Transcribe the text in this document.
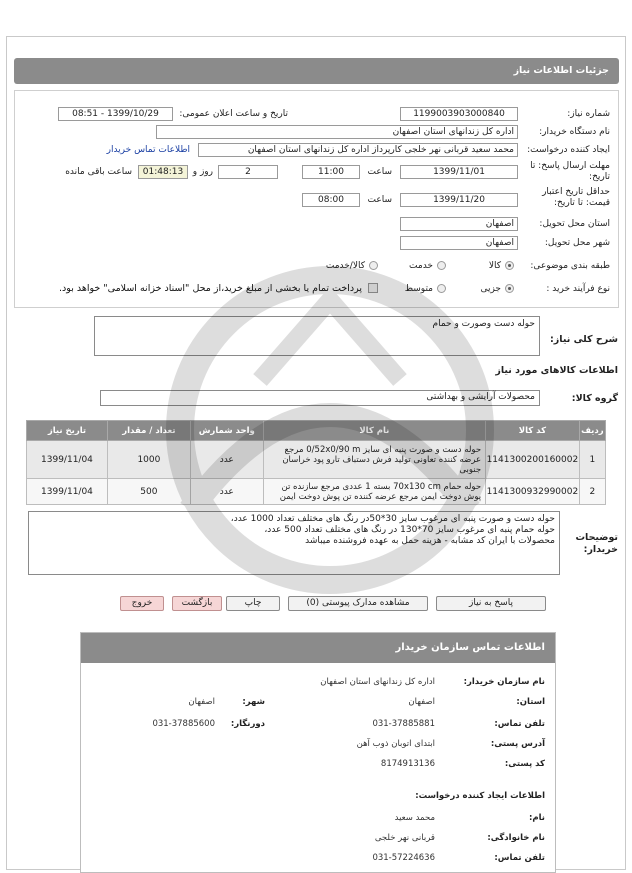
جزئیات اطلاعات نیاز
شماره نیاز:
1199003903000840
تاریخ و ساعت اعلان عمومی:
1399/10/29 - 08:51
نام دستگاه خریدار:
اداره کل زندانهای استان اصفهان
ایجاد کننده درخواست:
محمد سعید قربانی نهر خلجی کارپرداز اداره کل زندانهای استان اصفهان
اطلاعات تماس خریدار
مهلت ارسال پاسخ: تا تاریخ:
1399/11/01
ساعت
11:00
2
روز و
01:48:13
ساعت باقی مانده
حداقل تاریخ اعتبار قیمت: تا تاریخ:
1399/11/20
ساعت
08:00
استان محل تحویل:
اصفهان
شهر محل تحویل:
اصفهان
طبقه بندی موضوعی:
کالا
خدمت
کالا/خدمت
نوع فرآیند خرید :
جزیی
متوسط
پرداخت تمام یا بخشی از مبلغ خرید،از محل "اسناد خزانه اسلامی" خواهد بود.
شرح کلی نیاز:
حوله دست وصورت و حمام
اطلاعات کالاهای مورد نیاز
گروه کالا:
محصولات آرایشی و بهداشتی
ردیف	کد کالا	نام کالا	واحد شمارش	تعداد / مقدار	تاریخ نیاز
1	1141300200160002	حوله دست و صورت پنبه ای سایز 0/52x0/90 m مرجع عرضه کننده تعاونی تولید فرش دستباف تارو پود خراسان جنوبی	عدد	1000	1399/11/04
2	1141300932990002	حوله حمام 70x130 cm بسته 1 عددی مرجع سازنده تن پوش دوخت ایمن مرجع عرضه کننده تن پوش دوخت ایمن	عدد	500	1399/11/04
توضیحات خریدار:
حوله دست و صورت پنبه ای مرغوب سایز 30*50در رنگ های مختلف تعداد 1000 عدد،
حوله حمام پنبه ای مرغوب سایز 70*130 در رنگ های مختلف تعداد 500 عدد،
محصولات با ایران کد مشابه - هزینه حمل به عهده فروشنده میباشد
پاسخ به نیاز
مشاهده مدارک پیوستی (0)
چاپ
بازگشت
خروج
اطلاعات تماس سازمان خریدار
نام سازمان خریدار:
اداره کل زندانهای استان اصفهان
استان:
اصفهان
شهر:
اصفهان
تلفن تماس:
031-37885881
دورنگار:
031-37885600
آدرس پستی:
ابتدای اتوبان ذوب آهن
کد پستی:
8174913136
اطلاعات ایجاد کننده درخواست:
نام:
محمد سعید
نام خانوادگی:
قربانی نهر خلجی
تلفن تماس:
031-57224636
